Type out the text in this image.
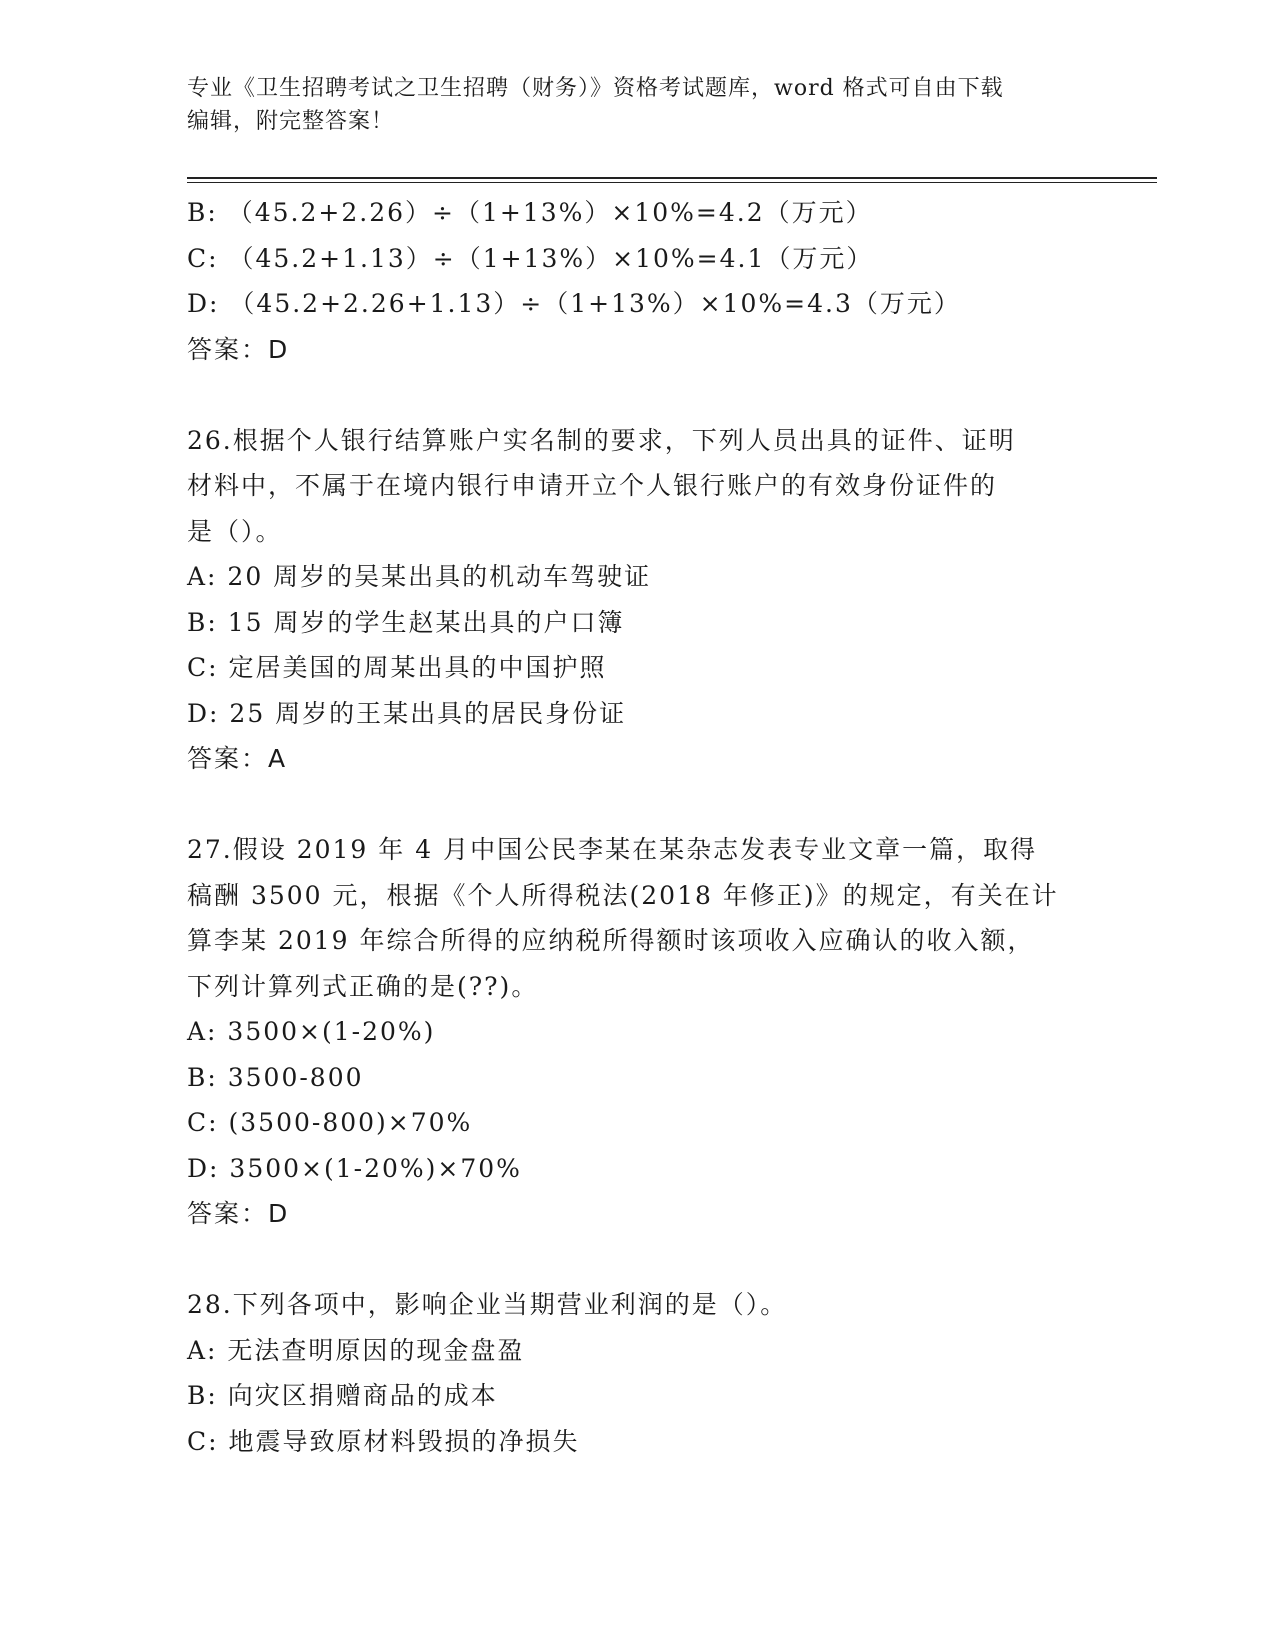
专业《卫生招聘考试之卫生招聘（财务）》资格考试题库，word 格式可自由下载
编辑，附完整答案！
B: （45.2+2.26）÷（1+13%）×10%=4.2（万元）
C: （45.2+1.13）÷（1+13%）×10%=4.1（万元）
D: （45.2+2.26+1.13）÷（1+13%）×10%=4.3（万元）
答案：D
26.根据个人银行结算账户实名制的要求，下列人员出具的证件、证明
材料中，不属于在境内银行申请开立个人银行账户的有效身份证件的
是（）。
A: 20 周岁的吴某出具的机动车驾驶证
B: 15 周岁的学生赵某出具的户口簿
C: 定居美国的周某出具的中国护照
D: 25 周岁的王某出具的居民身份证
答案：A
27.假设 2019 年 4 月中国公民李某在某杂志发表专业文章一篇，取得
稿酬 3500 元，根据《个人所得税法(2018 年修正)》的规定，有关在计
算李某 2019 年综合所得的应纳税所得额时该项收入应确认的收入额，
下列计算列式正确的是(??)。
A: 3500×(1-20%)
B: 3500-800
C: (3500-800)×70%
D: 3500×(1-20%)×70%
答案：D
28.下列各项中，影响企业当期营业利润的是（）。
A: 无法查明原因的现金盘盈
B: 向灾区捐赠商品的成本
C: 地震导致原材料毁损的净损失
